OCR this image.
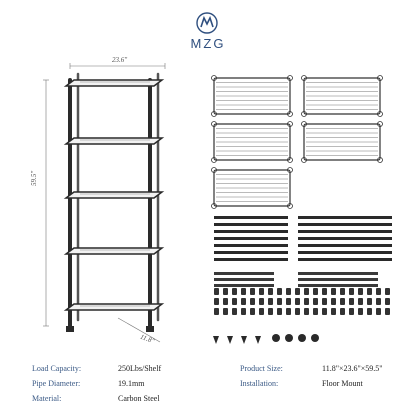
MZG
23.6"
59.5"
11.8"
Load Capacity:	250Lbs/Shelf
Pipe Diameter:	19.1mm
Material:	Carbon Steel
Product Size:	11.8"×23.6"×59.5"
Installation:	Floor Mount
